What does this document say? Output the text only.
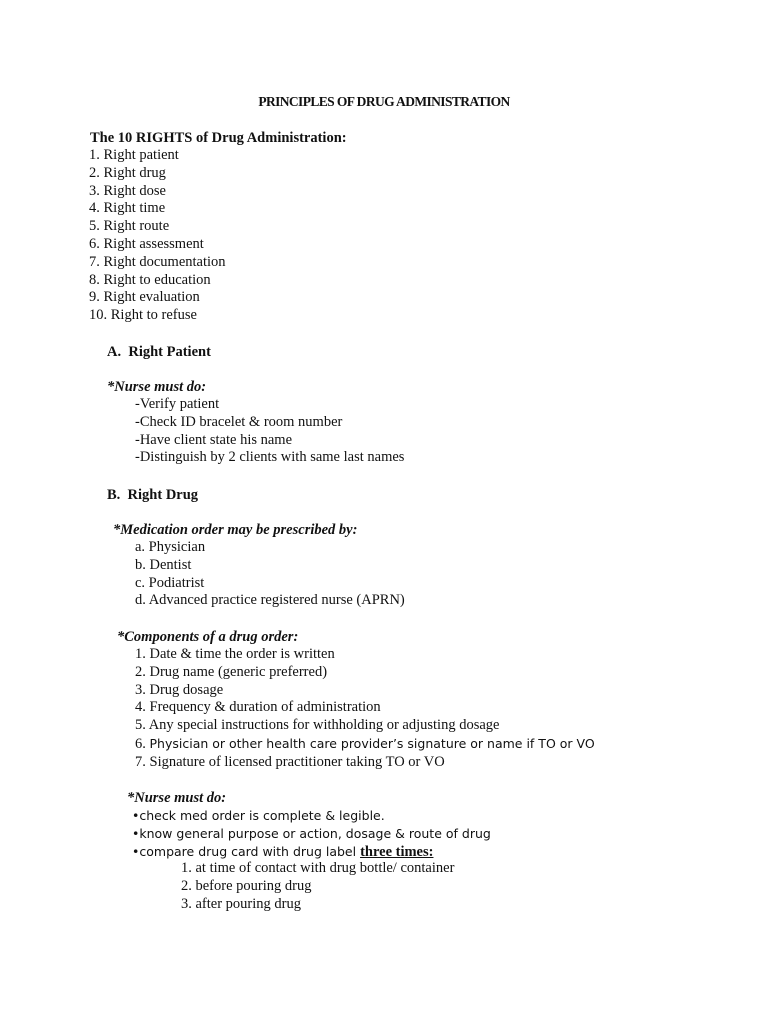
PRINCIPLES OF DRUG ADMINISTRATION
The 10 RIGHTS of Drug Administration:
1. Right patient
2. Right drug
3. Right dose
4. Right time
5. Right route
6. Right assessment
7. Right documentation
8. Right to education
9. Right evaluation
10. Right to refuse
A.  Right Patient
*Nurse must do:
-Verify patient
-Check ID bracelet & room number
-Have client state his name
-Distinguish by 2 clients with same last names
B.  Right Drug
*Medication order may be prescribed by:
a. Physician
b. Dentist
c. Podiatrist
d. Advanced practice registered nurse (APRN)
*Components of a drug order:
1. Date & time the order is written
2. Drug name (generic preferred)
3. Drug dosage
4. Frequency & duration of administration
5. Any special instructions for withholding or adjusting dosage
6. Physician or other health care provider’s signature or name if TO or VO
7. Signature of licensed practitioner taking TO or VO
*Nurse must do:
•check med order is complete & legible.
•know general purpose or action, dosage & route of drug
•compare drug card with drug label three times:
1. at time of contact with drug bottle/ container
2. before pouring drug
3. after pouring drug
